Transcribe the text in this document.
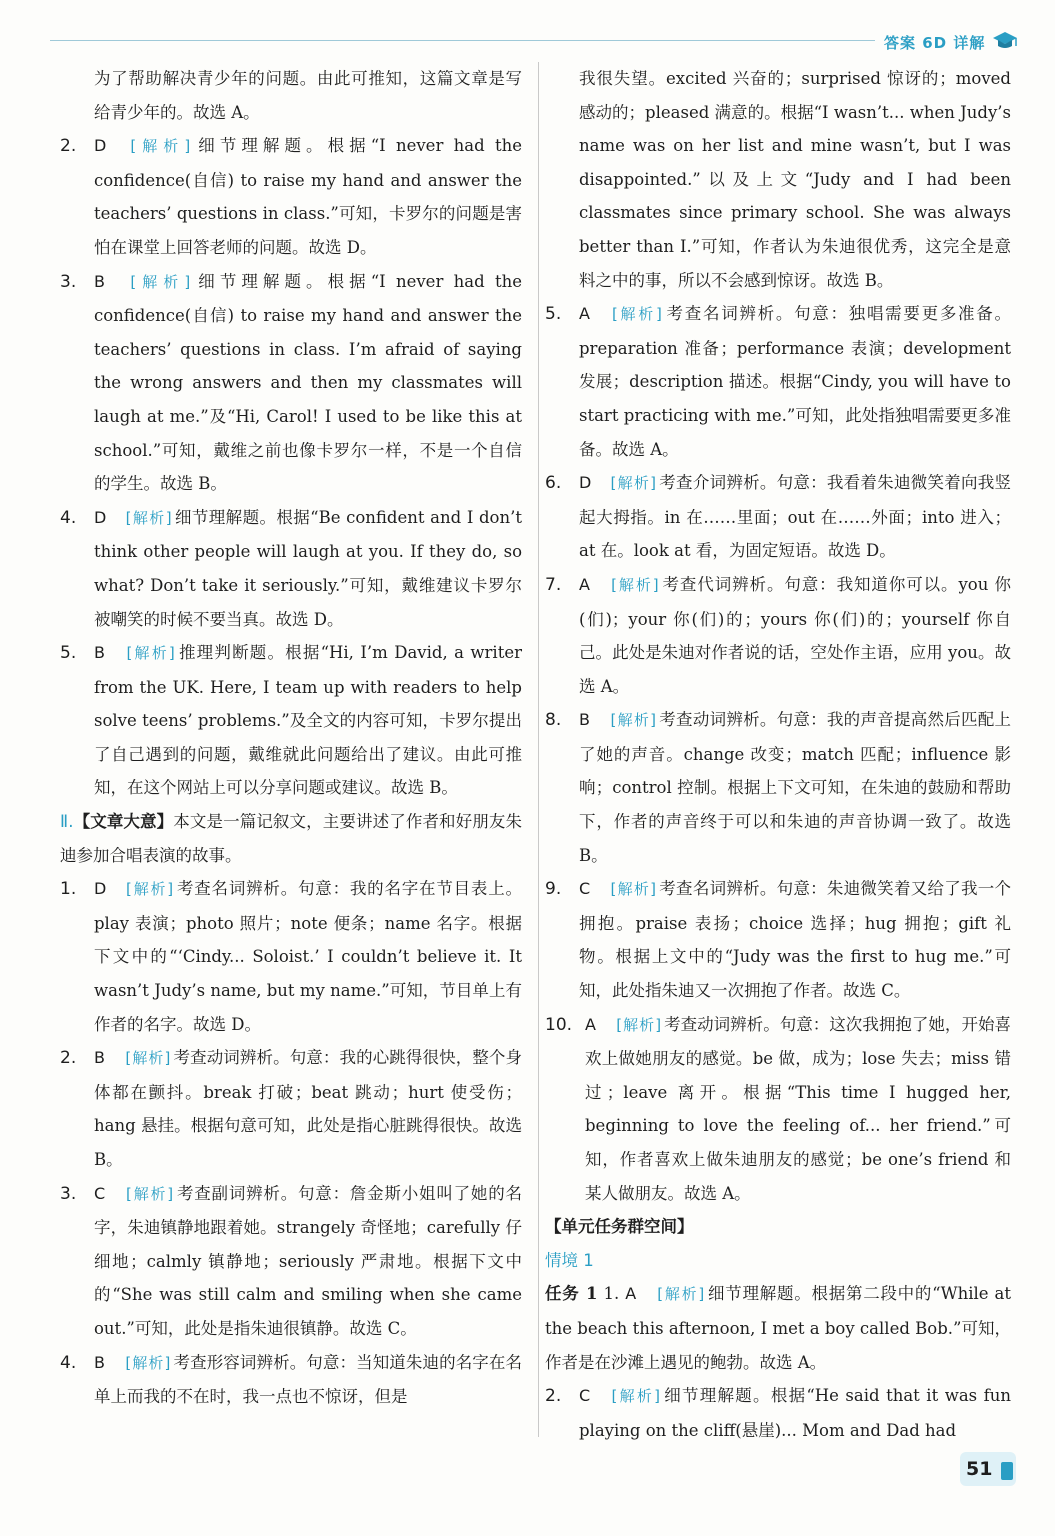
答案 6D 详解

为了帮助解决青少年的问题。由此可推知，这篇文章是写给青少年的。故选 A。

2. D [ 解析 ] 细节理解题。根据“I never had the confidence(自信) to raise my hand and answer the teachers’ questions in class.”可知，卡罗尔的问题是害怕在课堂上回答老师的问题。故选 D。

3. B [ 解析 ] 细节理解题。根据“I never had the confidence(自信) to raise my hand and answer the teachers’ questions in class. I’m afraid of saying the wrong answers and then my classmates will laugh at me.”及“Hi, Carol! I used to be like this at school.”可知，戴维之前也像卡罗尔一样，不是一个自信的学生。故选 B。

4. D [ 解析 ] 细节理解题。根据“Be confident and I don’t think other people will laugh at you. If they do, so what? Don’t take it seriously.”可知，戴维建议卡罗尔被嘲笑的时候不要当真。故选 D。

5. B [ 解析 ] 推理判断题。根据“Hi, I’m David, a writer from the UK. Here, I team up with readers to help solve teens’ problems.”及全文的内容可知，卡罗尔提出了自己遇到的问题，戴维就此问题给出了建议。由此可推知，在这个网站上可以分享问题或建议。故选 B。

Ⅱ.【文章大意】本文是一篇记叙文，主要讲述了作者和好朋友朱迪参加合唱表演的故事。

1. D [ 解析 ] 考查名词辨析。句意：我的名字在节目表上。play 表演；photo 照片；note 便条；name 名字。根据下文中的“‘Cindy... Soloist.’ I couldn’t believe it. It wasn’t Judy’s name, but my name.”可知，节目单上有作者的名字。故选 D。

2. B [ 解析 ] 考查动词辨析。句意：我的心跳得很快，整个身体都在颤抖。break 打破；beat 跳动；hurt 使受伤；hang 悬挂。根据句意可知，此处是指心脏跳得很快。故选 B。

3. C [ 解析 ] 考查副词辨析。句意：詹金斯小姐叫了她的名字，朱迪镇静地跟着她。strangely 奇怪地；carefully 仔细地；calmly 镇静地；seriously 严肃地。根据下文中的“She was still calm and smiling when she came out.”可知，此处是指朱迪很镇静。故选 C。

4. B [ 解析 ] 考查形容词辨析。句意：当知道朱迪的名字在名单上而我的不在时，我一点也不惊讶，但是

我很失望。excited 兴奋的；surprised 惊讶的；moved 感动的；pleased 满意的。根据“I wasn’t... when Judy’s name was on her list and mine wasn’t, but I was disappointed.”以及上文“Judy and I had been classmates since primary school. She was always better than I.”可知，作者认为朱迪很优秀，这完全是意料之中的事，所以不会感到惊讶。故选 B。

5. A [ 解析 ] 考查名词辨析。句意：独唱需要更多准备。preparation 准备；performance 表演；development 发展；description 描述。根据“Cindy, you will have to start practicing with me.”可知，此处指独唱需要更多准备。故选 A。

6. D [ 解析 ] 考查介词辨析。句意：我看着朱迪微笑着向我竖起大拇指。in 在……里面；out 在……外面；into 进入；at 在。look at 看，为固定短语。故选 D。

7. A [ 解析 ] 考查代词辨析。句意：我知道你可以。you 你(们)；your 你(们)的；yours 你(们)的；yourself 你自己。此处是朱迪对作者说的话，空处作主语，应用 you。故选 A。

8. B [ 解析 ] 考查动词辨析。句意：我的声音提高然后匹配上了她的声音。change 改变；match 匹配；influence 影响；control 控制。根据上下文可知，在朱迪的鼓励和帮助下，作者的声音终于可以和朱迪的声音协调一致了。故选 B。

9. C [ 解析 ] 考查名词辨析。句意：朱迪微笑着又给了我一个拥抱。praise 表扬；choice 选择；hug 拥抱；gift 礼物。根据上文中的“Judy was the first to hug me.”可知，此处指朱迪又一次拥抱了作者。故选 C。

10. A [ 解析 ] 考查动词辨析。句意：这次我拥抱了她，开始喜欢上做她朋友的感觉。be 做，成为；lose 失去；miss 错过；leave 离开。根据“This time I hugged her, beginning to love the feeling of... her friend.”可知，作者喜欢上做朱迪朋友的感觉；be one’s friend 和某人做朋友。故选 A。

【单元任务群空间】

情境 1

任务 1 1. A [ 解析 ] 细节理解题。根据第二段中的“While at the beach this afternoon, I met a boy called Bob.”可知，作者是在沙滩上遇见的鲍勃。故选 A。

2. C [ 解析 ] 细节理解题。根据“He said that it was fun playing on the cliff(悬崖)... Mom and Dad had

51
